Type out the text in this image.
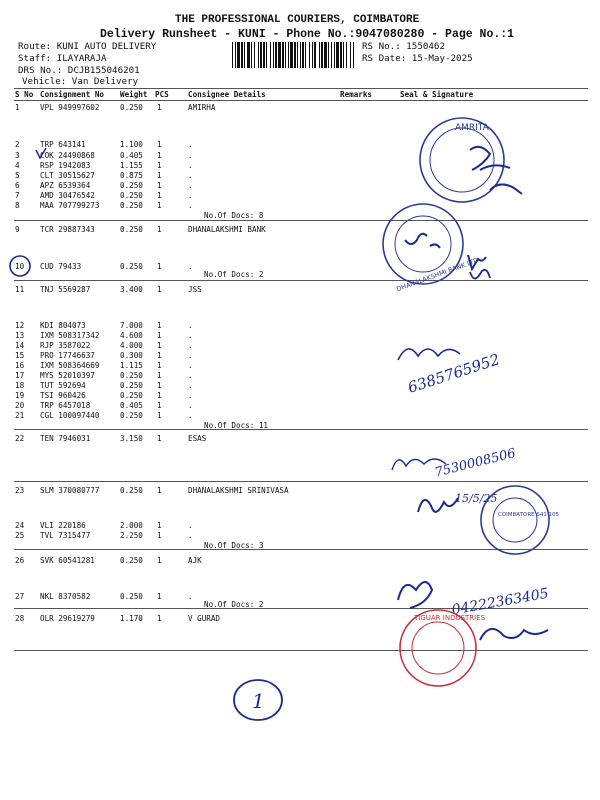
THE PROFESSIONAL COURIERS, COIMBATORE
Delivery Runsheet - KUNI - Phone No.:9047080280 - Page No.:1
Route: KUNI AUTO DELIVERY
Staff: ILAYARAJA
DRS No.: DCJB155046201
Vehicle: Van Delivery
RS No.: 1550462
RS Date: 15-May-2025
S No Consignment No Weight PCS	Consignee Details	Remarks	Seal & Signature
1	VPL 949997602	0.250 1	AMIRHA
2	TRP 643141	1.100 1	.
3	COK 24490868	0.405 1	.
4	RSP 1942083	1.155 1	.
5	CLT 30515627	0.875 1	.
6	APZ 6539364	0.250 1	.
7	AMD 30476542	0.250 1	.
8	MAA 707799273	0.250 1	.
No.Of Docs: 8
9	TCR 29887343	0.250 1	DHANALAKSHMI BANK
10 CUD 79433	0.250 1	.
No.Of Docs: 2
11 TNJ 5569287	3.400 1	JSS
12 KDI 804073	7.000 1	.
13 IXM 508317342	4.600 1	.
14 RJP 3587022	4.000 1	.
15 PRO 17746637	0.300 1	.
16 IXM 508364669	1.115 1	.
17 MYS 52010397	0.250 1	.
18 TUT 592694	0.250 1	.
19 TSI 960426	0.250 1	.
20 TRP 6457018	0.405 1	.
21 CGL 100097440	0.250 1	.
No.Of Docs: 11
22 TEN 7946031	3.150 1	ESAS
23 SLM 370080777	0.250 1	DHANALAKSHMI SRINIVASA
24 VLI 220186	2.000 1	.
25 TVL 7315477	2.250 1	.
No.Of Docs: 3
26 SVK 60541281	0.250 1	AJK
27 NKL 8370582	0.250 1	.
No.Of Docs: 2
28 OLR 29619279	1.170 1	V GURAD
AMRITA
DHANALAKSHMI BANK LTD
6385765952
7530008506
COIMBATORE 641 105
15/5/25
04222363405
TIGUAR INDUSTRIES
1
